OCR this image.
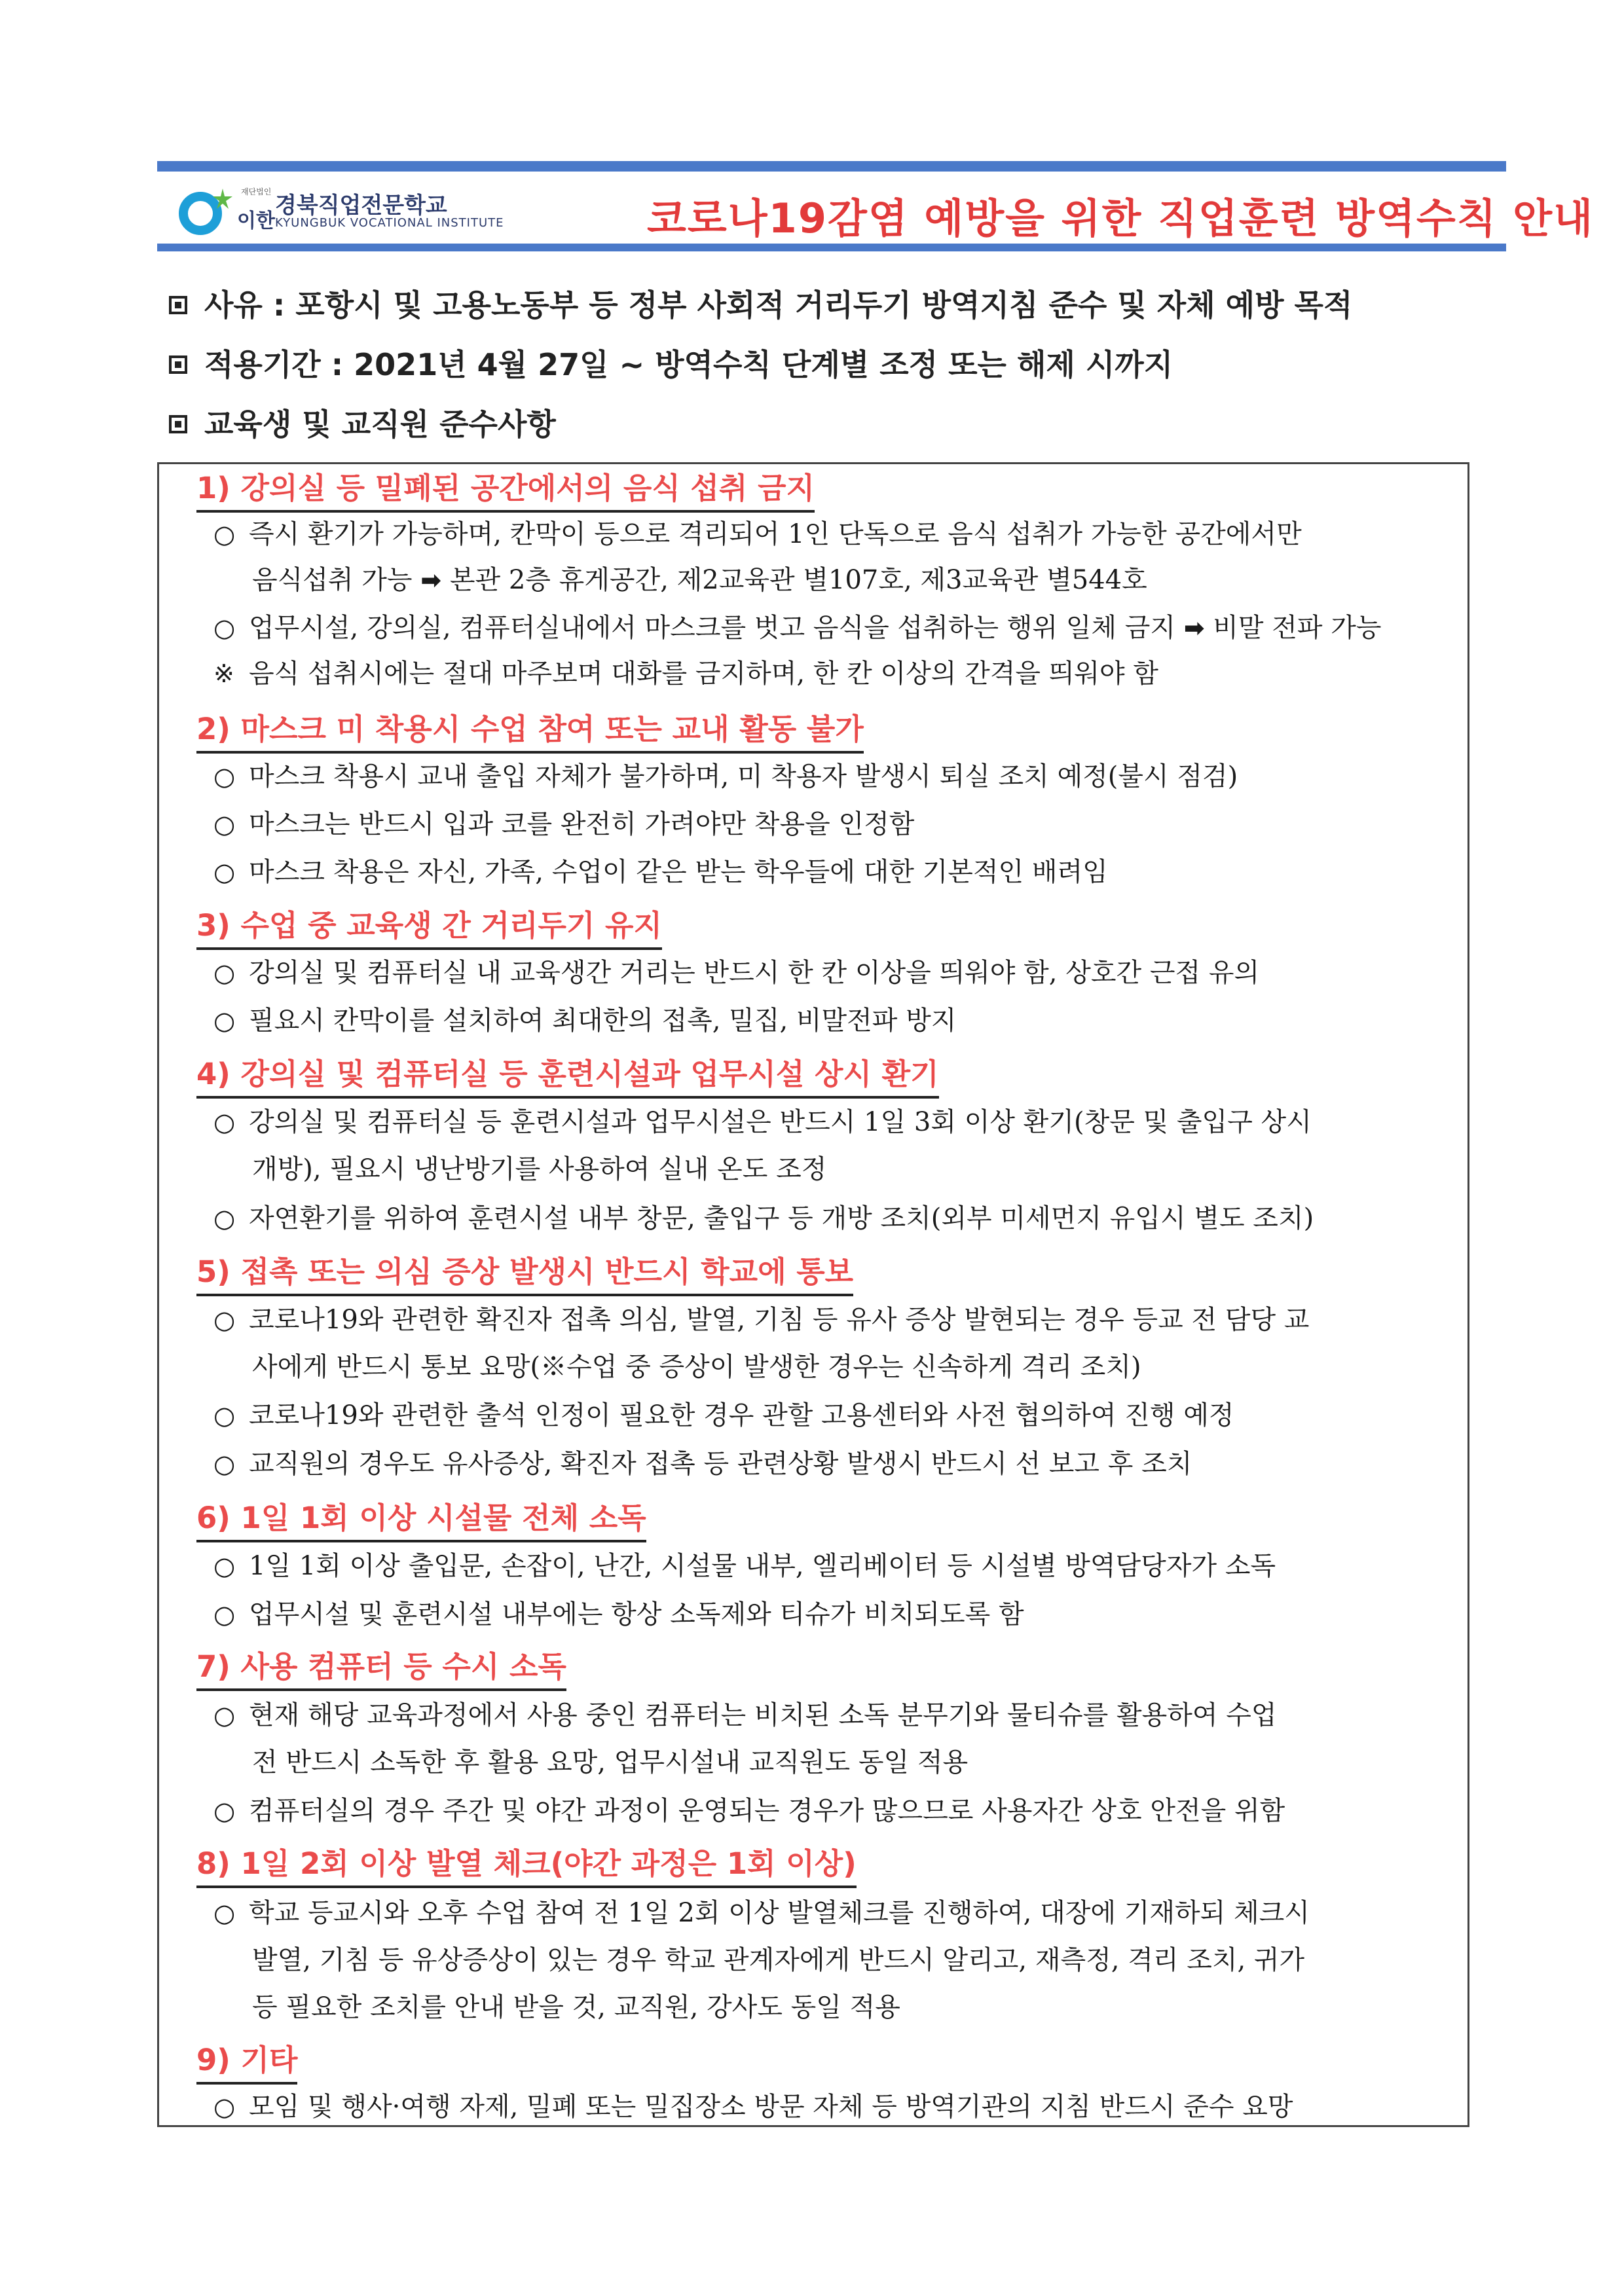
재단법인
이한
경북직업전문학교
KYUNGBUK VOCATIONAL INSTITUTE	코로나19감염 예방을 위한 직업훈련 방역수칙 안내
사유 : 포항시 및 고용노동부 등 정부 사회적 거리두기 방역지침 준수 및 자체 예방 목적
적용기간 : 2021년 4월 27일 ~ 방역수칙 단계별 조정 또는 해제 시까지
교육생 및 교직원 준수사항
1) 강의실 등 밀폐된 공간에서의 음식 섭취 금지
○ 즉시 환기가 가능하며, 칸막이 등으로 격리되어 1인 단독으로 음식 섭취가 가능한 공간에서만
음식섭취 가능 ➡ 본관 2층 휴게공간, 제2교육관 별107호, 제3교육관 별544호
○ 업무시설, 강의실, 컴퓨터실내에서 마스크를 벗고 음식을 섭취하는 행위 일체 금지 ➡ 비말 전파 가능
※ 음식 섭취시에는 절대 마주보며 대화를 금지하며, 한 칸 이상의 간격을 띄워야 함
2) 마스크 미 착용시 수업 참여 또는 교내 활동 불가
○ 마스크 착용시 교내 출입 자체가 불가하며, 미 착용자 발생시 퇴실 조치 예정(불시 점검)
○ 마스크는 반드시 입과 코를 완전히 가려야만 착용을 인정함
○ 마스크 착용은 자신, 가족, 수업이 같은 받는 학우들에 대한 기본적인 배려임
3) 수업 중 교육생 간 거리두기 유지
○ 강의실 및 컴퓨터실 내 교육생간 거리는 반드시 한 칸 이상을 띄워야 함, 상호간 근접 유의
○ 필요시 칸막이를 설치하여 최대한의 접촉, 밀집, 비말전파 방지
4) 강의실 및 컴퓨터실 등 훈련시설과 업무시설 상시 환기
○ 강의실 및 컴퓨터실 등 훈련시설과 업무시설은 반드시 1일 3회 이상 환기(창문 및 출입구 상시
개방), 필요시 냉난방기를 사용하여 실내 온도 조정
○ 자연환기를 위하여 훈련시설 내부 창문, 출입구 등 개방 조치(외부 미세먼지 유입시 별도 조치)
5) 접촉 또는 의심 증상 발생시 반드시 학교에 통보
○ 코로나19와 관련한 확진자 접촉 의심, 발열, 기침 등 유사 증상 발현되는 경우 등교 전 담당 교
사에게 반드시 통보 요망(※수업 중 증상이 발생한 경우는 신속하게 격리 조치)
○ 코로나19와 관련한 출석 인정이 필요한 경우 관할 고용센터와 사전 협의하여 진행 예정
○ 교직원의 경우도 유사증상, 확진자 접촉 등 관련상황 발생시 반드시 선 보고 후 조치
6) 1일 1회 이상 시설물 전체 소독
○ 1일 1회 이상 출입문, 손잡이, 난간, 시설물 내부, 엘리베이터 등 시설별 방역담당자가 소독
○ 업무시설 및 훈련시설 내부에는 항상 소독제와 티슈가 비치되도록 함
7) 사용 컴퓨터 등 수시 소독
○ 현재 해당 교육과정에서 사용 중인 컴퓨터는 비치된 소독 분무기와 물티슈를 활용하여 수업
전 반드시 소독한 후 활용 요망, 업무시설내 교직원도 동일 적용
○ 컴퓨터실의 경우 주간 및 야간 과정이 운영되는 경우가 많으므로 사용자간 상호 안전을 위함
8) 1일 2회 이상 발열 체크(야간 과정은 1회 이상)
○ 학교 등교시와 오후 수업 참여 전 1일 2회 이상 발열체크를 진행하여, 대장에 기재하되 체크시
발열, 기침 등 유상증상이 있는 경우 학교 관계자에게 반드시 알리고, 재측정, 격리 조치, 귀가
등 필요한 조치를 안내 받을 것, 교직원, 강사도 동일 적용
9) 기타
○ 모임 및 행사·여행 자제, 밀폐 또는 밀집장소 방문 자체 등 방역기관의 지침 반드시 준수 요망
